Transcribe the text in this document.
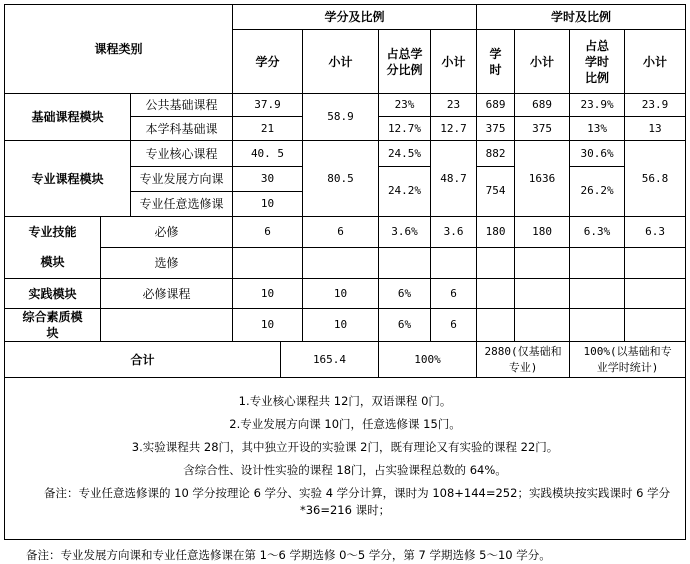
课程类别			学分及比例					学时及比例			
			学分		小计	占总学分比例	小计	学时	小计	占总学时比例	小计
基础课程模块		公共基础课程	37.9		58.9	23%	23	689	689	23.9%	23.9
		本学科基础课	21			12.7%	12.7	375	375	13%	13
专业课程模块		专业核心课程	40. 5		80.5	24.5%	48.7	882	1636	30.6%	56.8
		专业发展方向课	30			24.2%		754		26.2%	
		专业任意选修课	10								
专业技能模块	必修		6		6	3.6%	3.6	180	180	6.3%	6.3
	选修										
实践模块	必修课程		10		10	6%	6				
综合素质模块			10		10	6%	6				
合计				165.4		100%		2880(仅基础和专业)		100%(以基础和专业学时统计)	

1.专业核心课程共 12门，双语课程 0门。
2.专业发展方向课 10门，任意选修课 15门。
3.实验课程共 28门，其中独立开设的实验课 2门，既有理论又有实验的课程 22门。
含综合性、设计性实验的课程 18门，占实验课程总数的 64%。
备注：专业任意选修课的 10 学分按理论 6 学分、实验 4 学分计算，课时为 108+144=252；实践模块按实践课时 6 学分*36=216 课时；											
备注：专业发展方向课和专业任意选修课在第 1～6 学期选修 0～5 学分，第 7 学期选修 5～10 学分。
